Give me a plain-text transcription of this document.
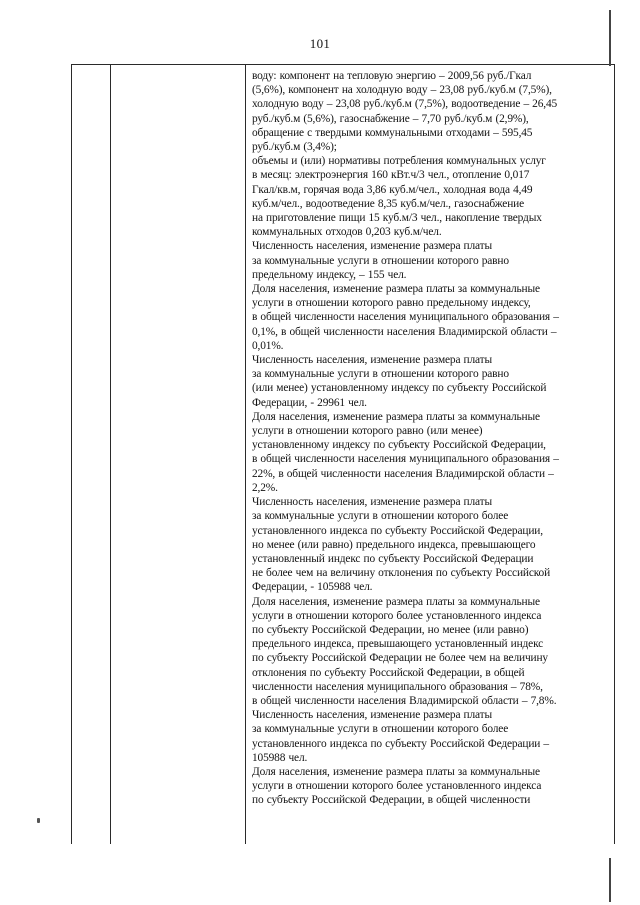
101

воду: компонент на тепловую энергию – 2009,56 руб./Гкал
(5,6%), компонент на холодную воду – 23,08 руб./куб.м (7,5%),
холодную воду – 23,08 руб./куб.м (7,5%), водоотведение – 26,45
руб./куб.м (5,6%), газоснабжение – 7,70 руб./куб.м (2,9%),
обращение с твердыми коммунальными отходами – 595,45
руб./куб.м (3,4%);
объемы и (или) нормативы потребления коммунальных услуг
в месяц: электроэнергия 160 кВт.ч/3 чел., отопление 0,017
Гкал/кв.м, горячая вода 3,86 куб.м/чел., холодная вода 4,49
куб.м/чел., водоотведение 8,35 куб.м/чел., газоснабжение
на приготовление пищи 15 куб.м/3 чел., накопление твердых
коммунальных отходов 0,203 куб.м/чел.
Численность населения, изменение размера платы
за коммунальные услуги в отношении которого равно
предельному индексу, – 155 чел.
Доля населения, изменение размера платы за коммунальные
услуги в отношении которого равно предельному индексу,
в общей численности населения муниципального образования –
0,1%, в общей численности населения Владимирской области –
0,01%.
Численность населения, изменение размера платы
за коммунальные услуги в отношении которого равно
(или менее) установленному индексу по субъекту Российской
Федерации, - 29961 чел.
Доля населения, изменение размера платы за коммунальные
услуги в отношении которого равно (или менее)
установленному индексу по субъекту Российской Федерации,
в общей численности населения муниципального образования –
22%, в общей численности населения Владимирской области –
2,2%.
Численность населения, изменение размера платы
за коммунальные услуги в отношении которого более
установленного индекса по субъекту Российской Федерации,
но менее (или равно) предельного индекса, превышающего
установленный индекс по субъекту Российской Федерации
не более чем на величину отклонения по субъекту Российской
Федерации, - 105988 чел.
Доля населения, изменение размера платы за коммунальные
услуги в отношении которого более установленного индекса
по субъекту Российской Федерации, но менее (или равно)
предельного индекса, превышающего установленный индекс
по субъекту Российской Федерации не более чем на величину
отклонения по субъекту Российской Федерации, в общей
численности населения муниципального образования – 78%,
в общей численности населения Владимирской области – 7,8%.
Численность населения, изменение размера платы
за коммунальные услуги в отношении которого более
установленного индекса по субъекту Российской Федерации –
105988 чел.
Доля населения, изменение размера платы за коммунальные
услуги в отношении которого более установленного индекса
по субъекту Российской Федерации, в общей численности
